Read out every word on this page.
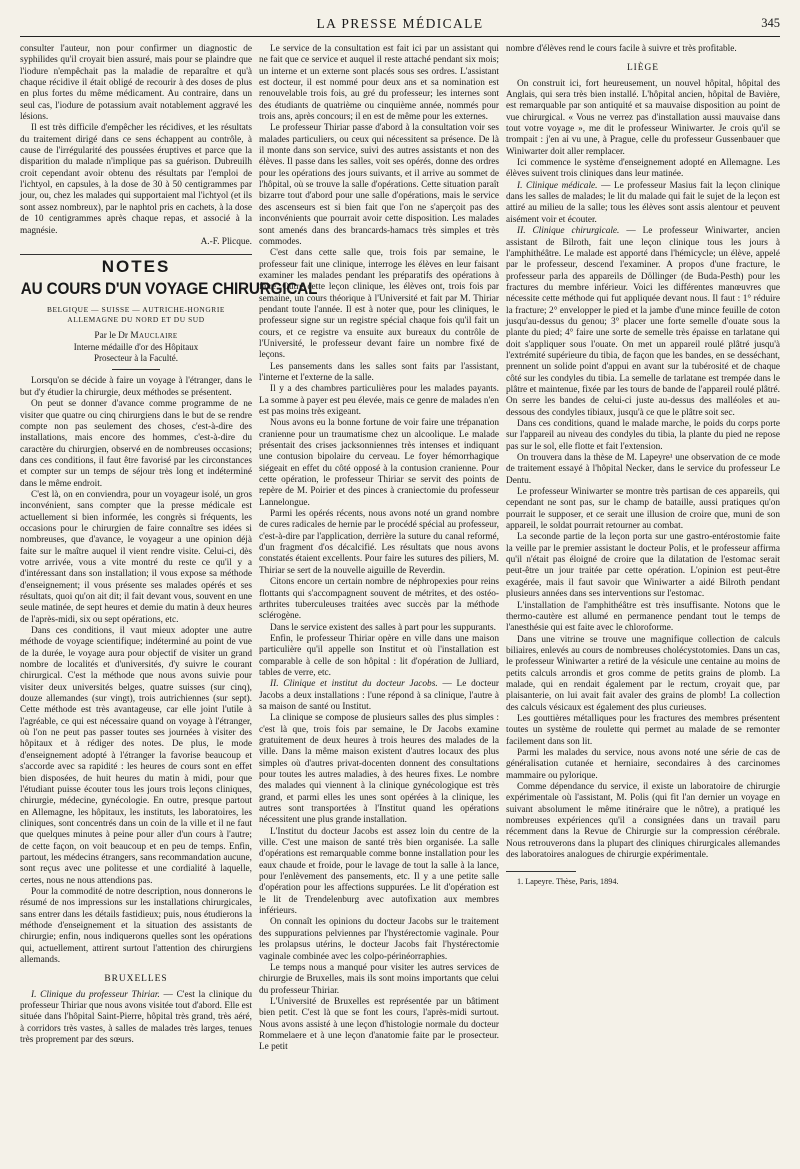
LA PRESSE MÉDICALE	345

consulter l'auteur, non pour confirmer un diagnostic de syphilides qu'il croyait bien assuré, mais pour se plaindre que l'iodure n'empêchait pas la maladie de reparaître et qu'à chaque récidive il était obligé de recourir à des doses de plus en plus fortes du même médicament. Au contraire, dans un seul cas, l'iodure de potassium avait notablement aggravé les lésions.

Il est très difficile d'empêcher les récidives, et les résultats du traitement dirigé dans ce sens échappent au contrôle, à cause de l'irrégularité des poussées éruptives et parce que la disparition du malade n'implique pas sa guérison. Dubreuilh croit cependant avoir obtenu des résultats par l'emploi de l'ichtyol, en capsules, à la dose de 30 à 50 centigrammes par jour, ou, chez les malades qui supportaient mal l'ichtyol (et ils sont assez nombreux), par le naphtol pris en cachets, à la dose de 10 centigrammes après chaque repas, et associé à la magnésie.

A.-F. Plicque.

NOTES
AU COURS D'UN VOYAGE CHIRURGICAL
BELGIQUE — SUISSE — AUTRICHE-HONGRIE
ALLEMAGNE DU NORD ET DU SUD
Par le Dr Mauclaire
Interne médaille d'or des Hôpitaux
Prosecteur à la Faculté.

Lorsqu'on se décide à faire un voyage à l'étranger, dans le but d'y étudier la chirurgie, deux méthodes se présentent.

On peut se donner d'avance comme programme de ne visiter que quatre ou cinq chirurgiens dans le but de se rendre compte non pas seulement des choses, c'est-à-dire des installations, mais encore des hommes, c'est-à-dire du caractère du chirurgien, observé en de nombreuses occasions; dans ces conditions, il faut être favorisé par les circonstances et compter sur un temps de séjour très long et indéterminé dans le même endroit.

C'est là, on en conviendra, pour un voyageur isolé, un gros inconvénient, sans compter que la presse médicale est actuellement si bien informée, les congrès si fréquents, les occasions pour le chirurgien de faire connaître ses idées si nombreuses, que d'avance, le voyageur a une opinion déjà faite sur le maître auquel il vient rendre visite. Celui-ci, dès votre arrivée, vous a vite montré du reste ce qu'il y a d'intéressant dans son installation; il vous expose sa méthode d'enseignement; il vous présente ses malades opérés et ses résultats, quoi qu'on ait dit; il fait devant vous, souvent en une seule matinée, de sept heures et demie du matin à deux heures de l'après-midi, six ou sept opérations, etc.

Dans ces conditions, il vaut mieux adopter une autre méthode de voyage scientifique; indéterminé au point de vue de la durée, le voyage aura pour objectif de visiter un grand nombre de localités et d'universités, d'y suivre le courant chirurgical. C'est la méthode que nous avons suivie pour visiter deux universités belges, quatre suisses (sur cinq), douze allemandes (sur vingt), trois autrichiennes (sur sept). Cette méthode est très avantageuse, car elle joint l'utile à l'agréable, ce qui est nécessaire quand on voyage à l'étranger, où l'on ne peut pas passer toutes ses journées à visiter des hôpitaux et à rédiger des notes. De plus, le mode d'enseignement adopté à l'étranger la favorise beaucoup et s'accorde avec sa rapidité : les heures de cours sont en effet bien disposées, de huit heures du matin à midi, pour que l'étudiant puisse écouter tous les jours trois leçons cliniques, chirurgie, médecine, gynécologie. En outre, presque partout en Allemagne, les hôpitaux, les instituts, les laboratoires, les cliniques, sont concentrés dans un coin de la ville et il ne faut que quelques minutes à peine pour aller d'un cours à l'autre; de cette façon, on voit beaucoup et en peu de temps. Enfin, partout, les médecins étrangers, sans recommandation aucune, sont reçus avec une politesse et une cordialité à laquelle, certes, nous ne nous attendions pas.

Pour la commodité de notre description, nous donnerons le résumé de nos impressions sur les installations chirurgicales, sans entrer dans les détails fastidieux; puis, nous étudierons la méthode d'enseignement et la situation des assistants de chirurgie; enfin, nous indiquerons quelles sont les opérations qui, actuellement, attirent surtout l'attention des chirurgiens allemands.

BRUXELLES

I. Clinique du professeur Thiriar. — C'est la clinique du professeur Thiriar que nous avons visitée tout d'abord. Elle est située dans l'hôpital Saint-Pierre, hôpital très grand, très aéré, à corridors très vastes, à salles de malades très larges, tenues très proprement par des sœurs.

Le service de la consultation est fait ici par un assistant qui ne fait que ce service et auquel il reste attaché pendant six mois; un interne et un externe sont placés sous ses ordres. L'assistant est docteur, il est nommé pour deux ans et sa nomination est renouvelable trois fois, au gré du professeur; les internes sont des étudiants de quatrième ou cinquième année, nommés pour trois ans, après concours; il en est de même pour les externes.

Le professeur Thiriar passe d'abord à la consultation voir ses malades particuliers, ou ceux qui nécessitent sa présence. De là il monte dans son service, suivi des autres assistants et non des élèves. Il passe dans les salles, voit ses opérés, donne des ordres pour les opérations des jours suivants, et il arrive au sommet de l'hôpital, où se trouve la salle d'opérations. Cette situation paraît bizarre tout d'abord pour une salle d'opérations, mais le service des ascenseurs est si bien fait que l'on ne s'aperçoit pas des inconvénients que pourrait avoir cette disposition. Les malades sont amenés dans des brancards-hamacs très simples et très commodes.

C'est dans cette salle que, trois fois par semaine, le professeur fait une clinique, interroge les élèves en leur faisant examiner les malades pendant les préparatifs des opérations à faire. Outre cette leçon clinique, les élèves ont, trois fois par semaine, un cours théorique à l'Université et fait par M. Thiriar pendant toute l'année. Il est à noter que, pour les cliniques, le professeur signe sur un registre spécial chaque fois qu'il fait un cours, et ce registre va ensuite aux bureaux du contrôle de l'Université, le professeur devant faire un nombre fixé de leçons.

Les pansements dans les salles sont faits par l'assistant, l'interne et l'externe de la salle.

Il y a des chambres particulières pour les malades payants. La somme à payer est peu élevée, mais ce genre de malades n'en est pas moins très exigeant.

Nous avons eu la bonne fortune de voir faire une trépanation cranienne pour un traumatisme chez un alcoolique. Le malade présentait des crises jacksonniennes très intenses et indiquant une contusion bipolaire du cerveau. Le foyer hémorrhagique siégeait en effet du côté opposé à la contusion cranienne. Pour cette opération, le professeur Thiriar se servit des points de repère de M. Poirier et des pinces à craniectomie du professeur Lannelongue.

Parmi les opérés récents, nous avons noté un grand nombre de cures radicales de hernie par le procédé spécial au professeur, c'est-à-dire par l'application, derrière la suture du canal reformé, d'un fragment d'os décalcifié. Les résultats que nous avons constatés étaient excellents. Pour faire les sutures des piliers, M. Thiriar se sert de la nouvelle aiguille de Reverdin.

Citons encore un certain nombre de néphropexies pour reins flottants qui s'accompagnent souvent de métrites, et des ostéo-arthrites tuberculeuses traitées avec succès par la méthode sclérogène.

Dans le service existent des salles à part pour les suppurants.

Enfin, le professeur Thiriar opère en ville dans une maison particulière qu'il appelle son Institut et où l'installation est comparable à celle de son hôpital : lit d'opération de Julliard, tables de verre, etc.

II. Clinique et institut du docteur Jacobs. — Le docteur Jacobs a deux installations : l'une répond à sa clinique, l'autre à sa maison de santé ou Institut.

La clinique se compose de plusieurs salles des plus simples : c'est là que, trois fois par semaine, le Dr Jacobs examine gratuitement de deux heures à trois heures des malades de la ville. Dans la même maison existent d'autres locaux des plus simples où d'autres privat-docenten donnent des consultations pour toutes les autres maladies, à des heures fixes. Le nombre des malades qui viennent à la clinique gynécologique est très grand, et parmi elles les unes sont opérées à la clinique, les autres sont transportées à l'Institut quand les opérations nécessitent une plus grande installation.

L'Institut du docteur Jacobs est assez loin du centre de la ville. C'est une maison de santé très bien organisée. La salle d'opérations est remarquable comme bonne installation pour les eaux chaude et froide, pour le lavage de tout la salle à la lance, pour l'enlèvement des pansements, etc. Il y a une petite salle d'opération pour les affections suppurées. Le lit d'opération est le lit de Trendelenburg avec autofixation aux membres inférieurs.

On connaît les opinions du docteur Jacobs sur le traitement des suppurations pelviennes par l'hystérectomie vaginale. Pour les prolapsus utérins, le docteur Jacobs fait l'hystérectomie vaginale combinée avec les colpo-périnéorraphies.

Le temps nous a manqué pour visiter les autres services de chirurgie de Bruxelles, mais ils sont moins importants que celui du professeur Thiriar.

L'Université de Bruxelles est représentée par un bâtiment bien petit. C'est là que se font les cours, l'après-midi surtout. Nous avons assisté à une leçon d'histologie normale du docteur Rommelaere et à une leçon d'anatomie faite par le prosecteur. Le petit

nombre d'élèves rend le cours facile à suivre et très profitable.

LIÈGE

On construit ici, fort heureusement, un nouvel hôpital, hôpital des Anglais, qui sera très bien installé. L'hôpital ancien, hôpital de Bavière, est remarquable par son antiquité et sa mauvaise disposition au point de vue chirurgical. « Vous ne verrez pas d'installation aussi mauvaise dans tout votre voyage », me dit le professeur Winiwarter. Je crois qu'il se trompait : j'en ai vu une, à Prague, celle du professeur Gussenbauer que Winiwarter doit aller remplacer.

Ici commence le système d'enseignement adopté en Allemagne. Les élèves suivent trois cliniques dans leur matinée.

I. Clinique médicale. — Le professeur Masius fait la leçon clinique dans les salles de malades; le lit du malade qui fait le sujet de la leçon est attiré au milieu de la salle; tous les élèves sont assis alentour et peuvent aisément voir et écouter.

II. Clinique chirurgicale. — Le professeur Winiwarter, ancien assistant de Bilroth, fait une leçon clinique tous les jours à l'amphithéâtre. Le malade est apporté dans l'hémicycle; un élève, appelé par le professeur, descend l'examiner. A propos d'une fracture, le professeur parla des appareils de Döllinger (de Buda-Pesth) pour les fractures du membre inférieur. Voici les différentes manœuvres que nécessite cette méthode qui fut appliquée devant nous. Il faut : 1° réduire la fracture; 2° envelopper le pied et la jambe d'une mince feuille de coton jusqu'au-dessus du genou; 3° placer une forte semelle d'ouate sous la plante du pied; 4° faire une sorte de semelle très épaisse en tarlatane qui doit s'appliquer sous l'ouate. On met un appareil roulé plâtré jusqu'à l'extrémité supérieure du tibia, de façon que les bandes, en se desséchant, prennent un solide point d'appui en avant sur la tubérosité et de chaque côté sur les condyles du tibia. La semelle de tarlatane est trempée dans le plâtre et maintenue, fixée par les tours de bande de l'appareil roulé plâtré. On serre les bandes de celui-ci juste au-dessus des malléoles et au-dessous des condyles tibiaux, jusqu'à ce que le plâtre soit sec.

Dans ces conditions, quand le malade marche, le poids du corps porte sur l'appareil au niveau des condyles du tibia, la plante du pied ne repose pas sur le sol, elle flotte et fait l'extension.

On trouvera dans la thèse de M. Lapeyre¹ une observation de ce mode de traitement essayé à l'hôpital Necker, dans le service du professeur Le Dentu.

Le professeur Winiwarter se montre très partisan de ces appareils, qui cependant ne sont pas, sur le champ de bataille, aussi pratiques qu'on pourrait le supposer, et ce serait une illusion de croire que, muni de son appareil, le soldat pourrait retourner au combat.

La seconde partie de la leçon porta sur une gastro-entérostomie faite la veille par le premier assistant le docteur Polis, et le professeur affirma qu'il n'était pas éloigné de croire que la dilatation de l'estomac serait peut-être un jour traitée par cette opération. L'opinion est peut-être exagérée, mais il faut savoir que Winiwarter a aidé Bilroth pendant plusieurs années dans ses interventions sur l'estomac.

L'installation de l'amphithéâtre est très insuffisante. Notons que le thermo-cautère est allumé en permanence pendant tout le temps de l'anesthésie qui est faite avec le chloroforme.

Dans une vitrine se trouve une magnifique collection de calculs biliaires, enlevés au cours de nombreuses cholécystotomies. Dans un cas, le professeur Winiwarter a retiré de la vésicule une centaine au moins de petits calculs arrondis et gros comme de petits grains de plomb. La malade, qui en rendait également par le rectum, croyait que, par plaisanterie, on lui avait fait avaler des grains de plomb! La collection des calculs vésicaux est également des plus curieuses.

Les gouttières métalliques pour les fractures des membres présentent toutes un système de roulette qui permet au malade de se remonter facilement dans son lit.

Parmi les malades du service, nous avons noté une série de cas de généralisation cutanée et herniaire, secondaires à des carcinomes mammaire ou pylorique.

Comme dépendance du service, il existe un laboratoire de chirurgie expérimentale où l'assistant, M. Polis (qui fit l'an dernier un voyage en suivant absolument le même itinéraire que le nôtre), a pratiqué les nombreuses expériences qu'il a consignées dans un travail paru récemment dans la Revue de Chirurgie sur la compression cérébrale. Nous retrouverons dans la plupart des cliniques chirurgicales allemandes des laboratoires analogues de chirurgie expérimentale.

1. Lapeyre. Thèse, Paris, 1894.
